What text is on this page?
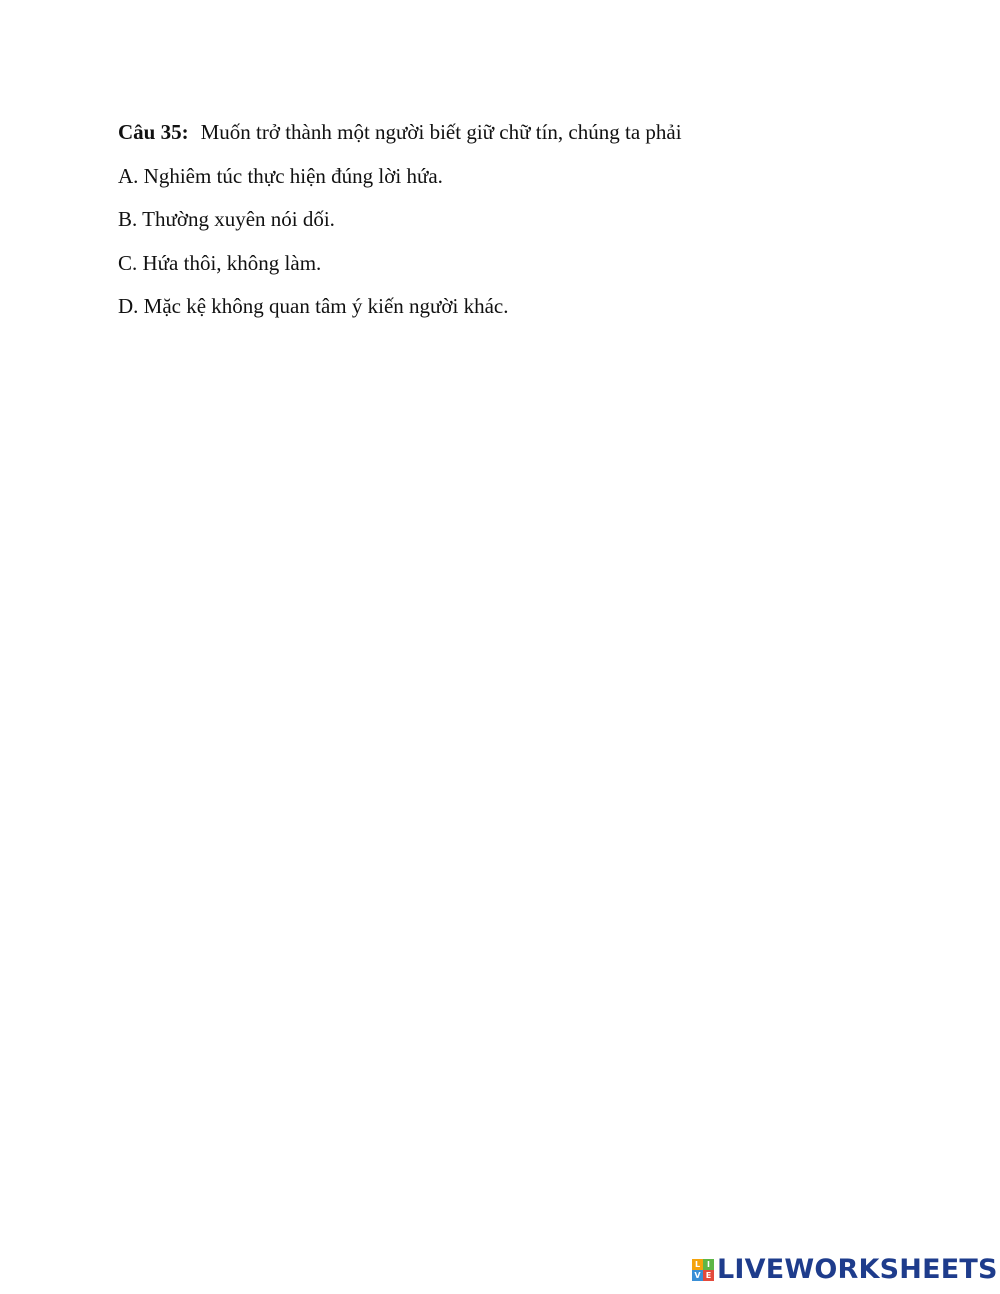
Câu 35: Muốn trở thành một người biết giữ chữ tín, chúng ta phải
A. Nghiêm túc thực hiện đúng lời hứa.
B. Thường xuyên nói dối.
C. Hứa thôi, không làm.
D. Mặc kệ không quan tâm ý kiến người khác.
L I
V E LIVEWORKSHEETS
